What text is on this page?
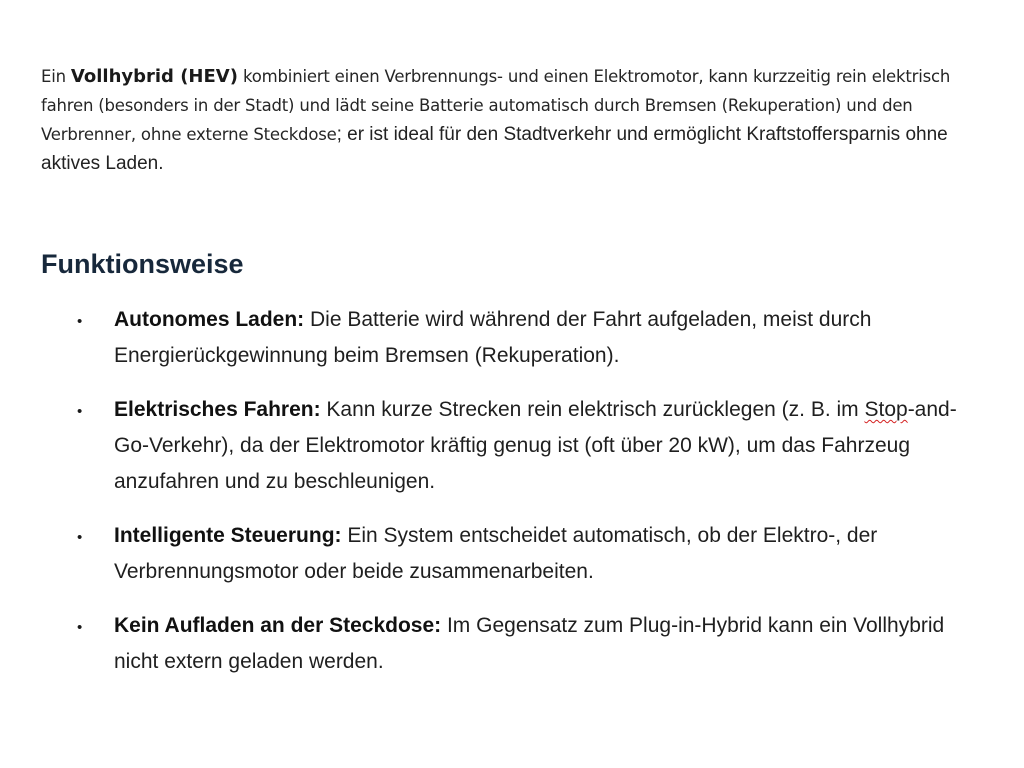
Ein Vollhybrid (HEV) kombiniert einen Verbrennungs- und einen Elektromotor, kann kurzzeitig rein elektrisch fahren (besonders in der Stadt) und lädt seine Batterie automatisch durch Bremsen (Rekuperation) und den Verbrenner, ohne externe Steckdose; er ist ideal für den Stadtverkehr und ermöglicht Kraftstoffersparnis ohne aktives Laden.

Funktionsweise
• Autonomes Laden: Die Batterie wird während der Fahrt aufgeladen, meist durch Energierückgewinnung beim Bremsen (Rekuperation).
• Elektrisches Fahren: Kann kurze Strecken rein elektrisch zurücklegen (z. B. im Stop-and-Go-Verkehr), da der Elektromotor kräftig genug ist (oft über 20 kW), um das Fahrzeug anzufahren und zu beschleunigen.
• Intelligente Steuerung: Ein System entscheidet automatisch, ob der Elektro-, der Verbrennungsmotor oder beide zusammenarbeiten.
• Kein Aufladen an der Steckdose: Im Gegensatz zum Plug-in-Hybrid kann ein Vollhybrid nicht extern geladen werden.
